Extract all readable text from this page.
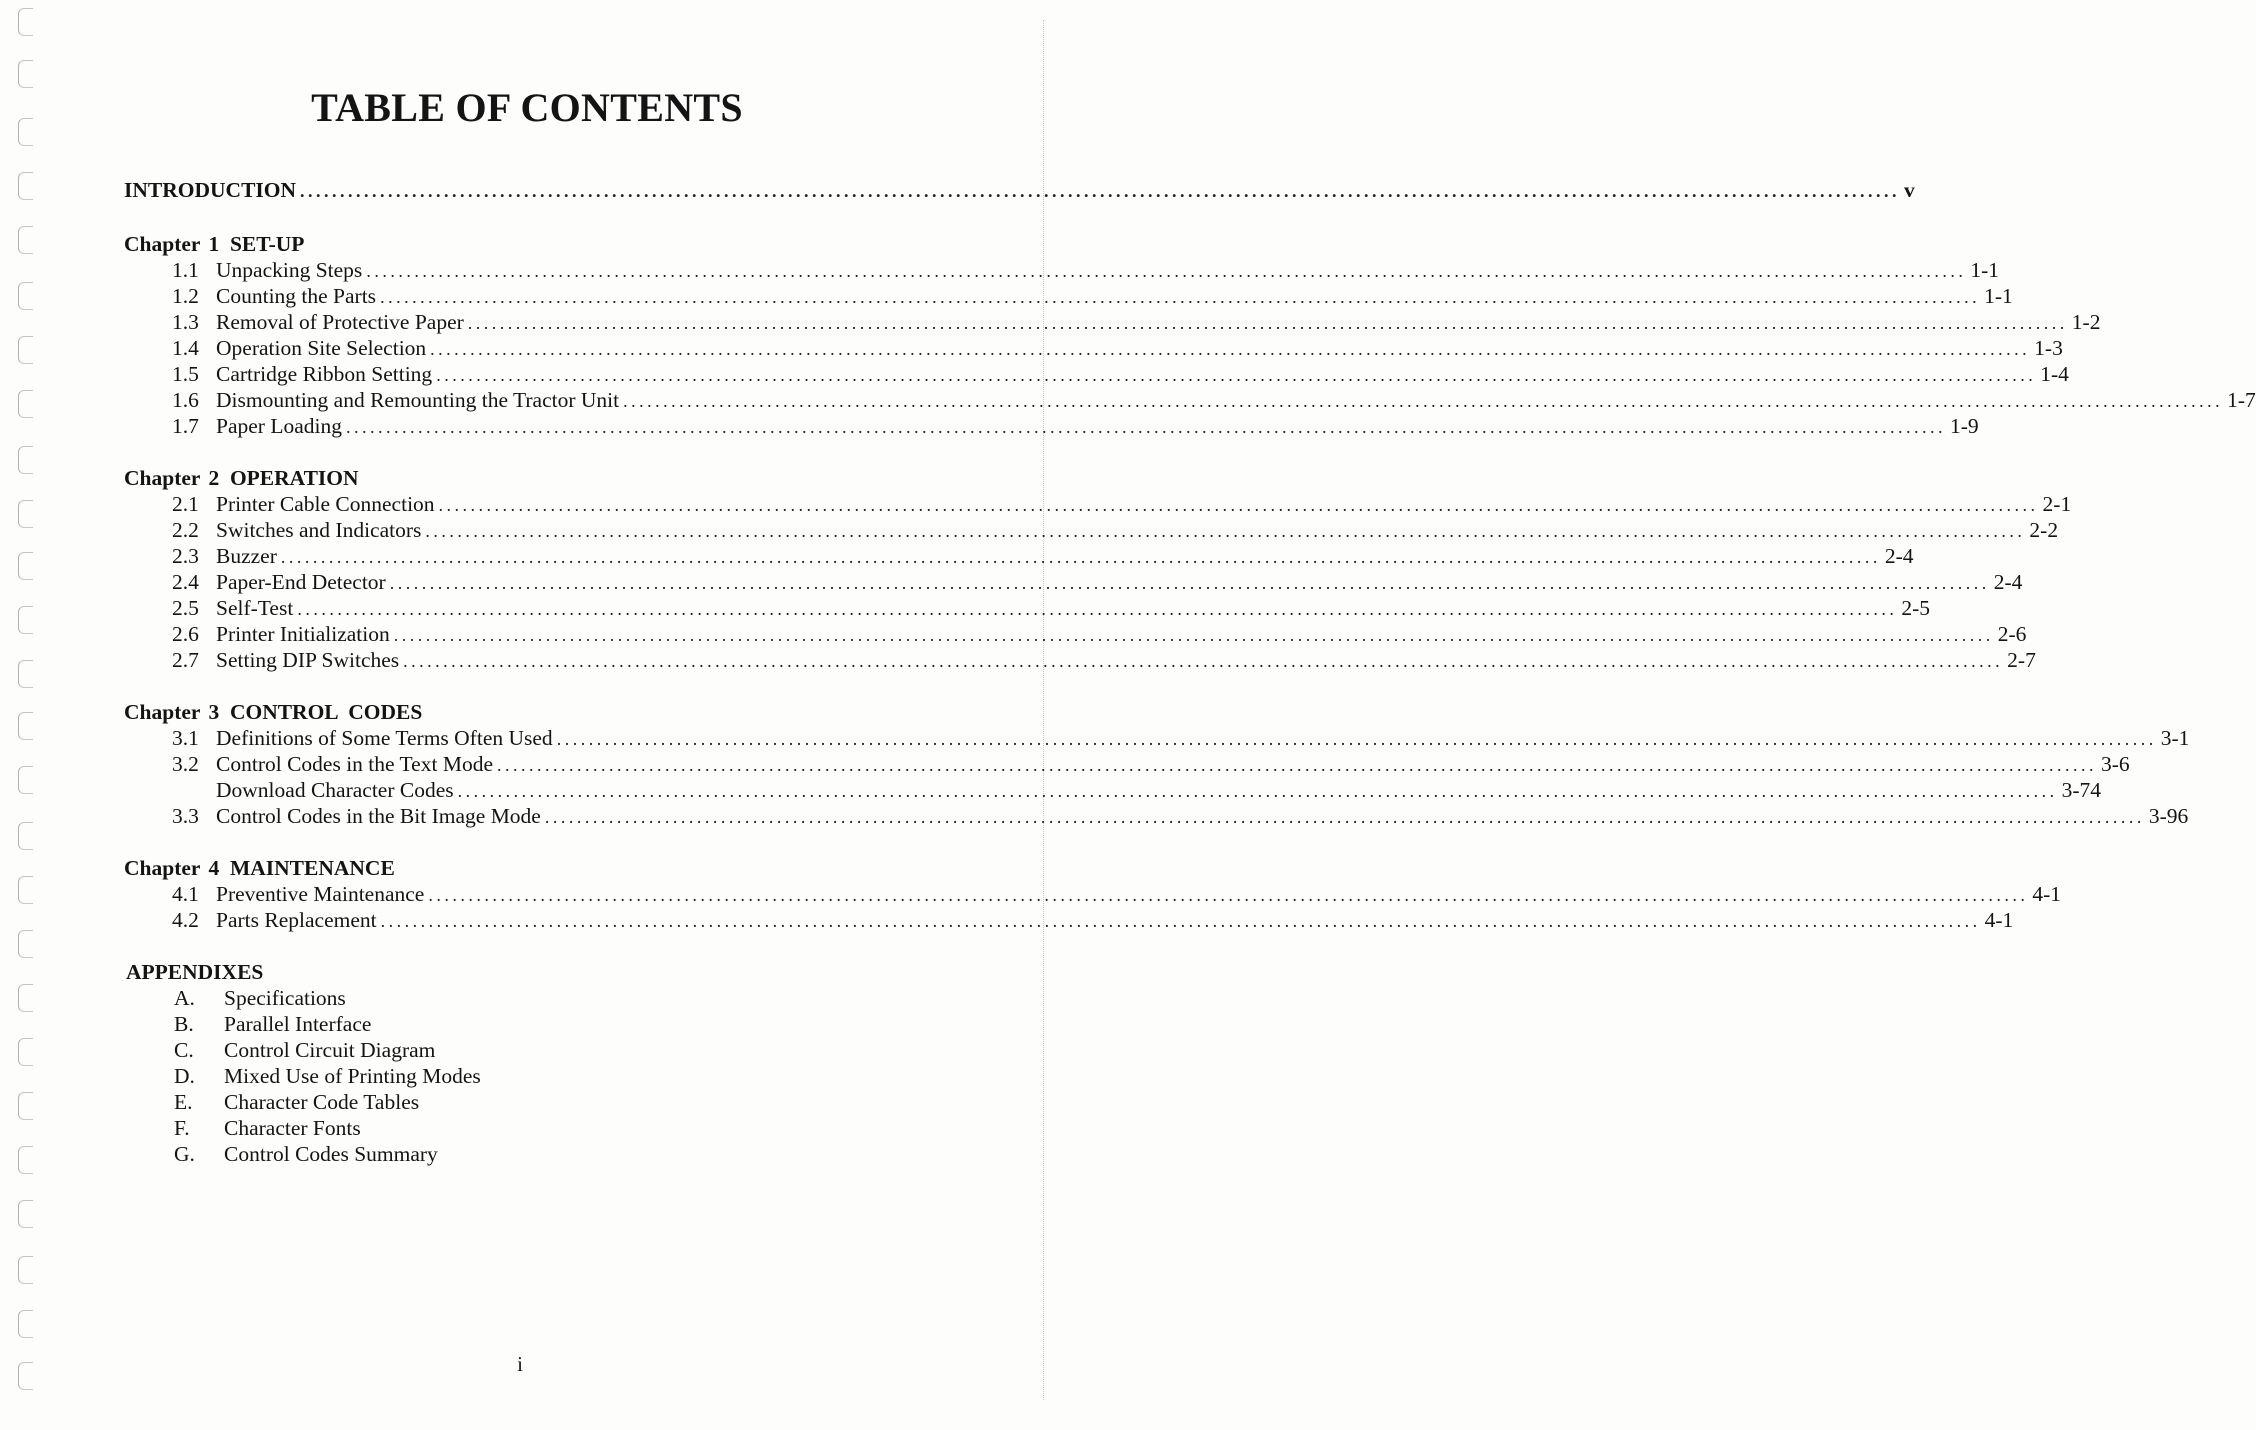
TABLE OF CONTENTS
INTRODUCTION ........................................................................................................................................................................................................ v
Chapter 1 SET-UP
1.1 Unpacking Steps ........................................................................................................................................................................................................ 1-1
1.2 Counting the Parts ........................................................................................................................................................................................................ 1-1
1.3 Removal of Protective Paper ........................................................................................................................................................................................................ 1-2
1.4 Operation Site Selection ........................................................................................................................................................................................................ 1-3
1.5 Cartridge Ribbon Setting ........................................................................................................................................................................................................ 1-4
1.6 Dismounting and Remounting the Tractor Unit ........................................................................................................................................................................................................ 1-7
1.7 Paper Loading ........................................................................................................................................................................................................ 1-9
Chapter 2 OPERATION
2.1 Printer Cable Connection ........................................................................................................................................................................................................ 2-1
2.2 Switches and Indicators ........................................................................................................................................................................................................ 2-2
2.3 Buzzer ........................................................................................................................................................................................................ 2-4
2.4 Paper-End Detector ........................................................................................................................................................................................................ 2-4
2.5 Self-Test ........................................................................................................................................................................................................ 2-5
2.6 Printer Initialization ........................................................................................................................................................................................................ 2-6
2.7 Setting DIP Switches ........................................................................................................................................................................................................ 2-7
Chapter 3 CONTROL  CODES
3.1 Definitions of Some Terms Often Used ........................................................................................................................................................................................................ 3-1
3.2 Control Codes in the Text Mode ........................................................................................................................................................................................................ 3-6
Download Character Codes ........................................................................................................................................................................................................ 3-74
3.3 Control Codes in the Bit Image Mode ........................................................................................................................................................................................................ 3-96
Chapter 4 MAINTENANCE
4.1 Preventive Maintenance ........................................................................................................................................................................................................ 4-1
4.2 Parts Replacement ........................................................................................................................................................................................................ 4-1
APPENDIXES
A.	Specifications
B.	Parallel Interface
C.	Control Circuit Diagram
D.	Mixed Use of Printing Modes
E.	Character Code Tables
F.	Character Fonts
G.	Control Codes Summary
i
